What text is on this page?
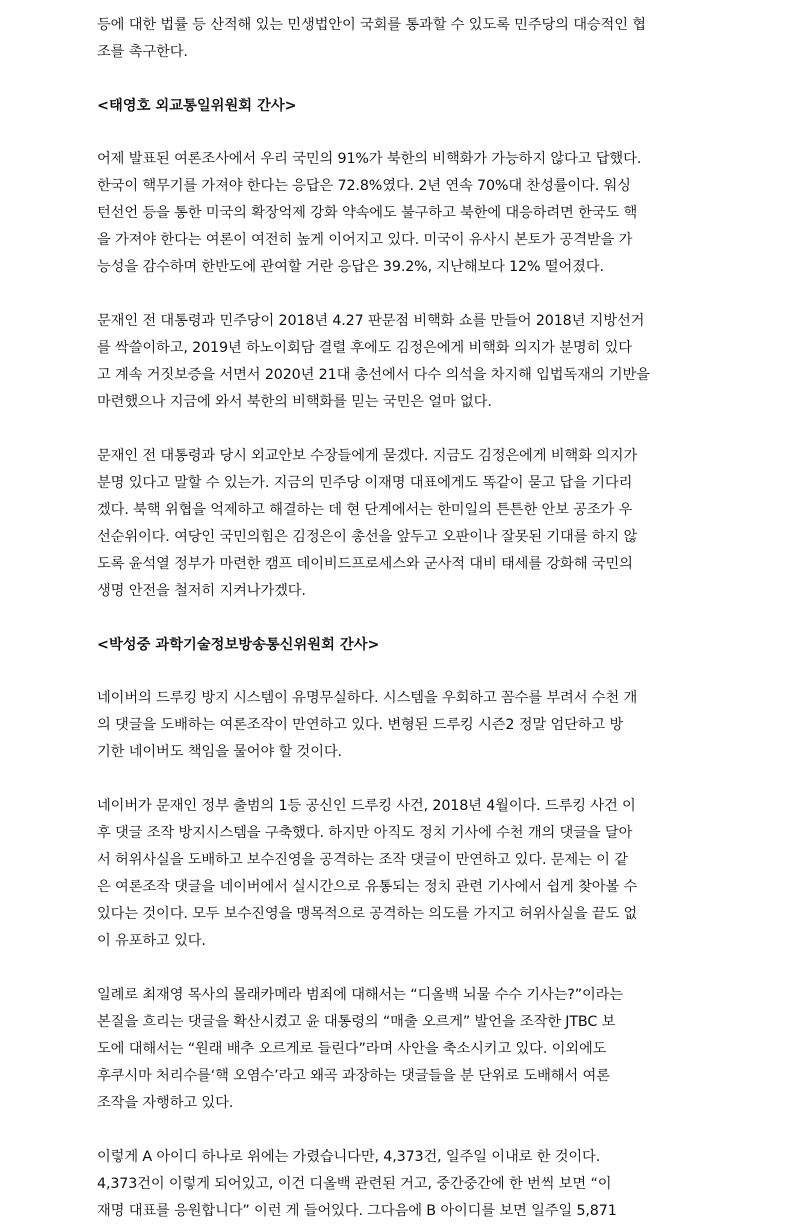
등에 대한 법률 등 산적해 있는 민생법안이 국회를 통과할 수 있도록 민주당의 대승적인 협
조를 촉구한다.
<태영호 외교통일위원회 간사>
어제 발표된 여론조사에서 우리 국민의 91%가 북한의 비핵화가 가능하지 않다고 답했다.
한국이 핵무기를 가져야 한다는 응답은 72.8%였다. 2년 연속 70%대 찬성률이다. 워싱
턴선언 등을 통한 미국의 확장억제 강화 약속에도 불구하고 북한에 대응하려면 한국도 핵
을 가져야 한다는 여론이 여전히 높게 이어지고 있다. 미국이 유사시 본토가 공격받을 가
능성을 감수하며 한반도에 관여할 거란 응답은 39.2%, 지난해보다 12% 떨어졌다.
문재인 전 대통령과 민주당이 2018년 4.27 판문점 비핵화 쇼를 만들어 2018년 지방선거
를 싹쓸이하고, 2019년 하노이회담 결렬 후에도 김정은에게 비핵화 의지가 분명히 있다
고 계속 거짓보증을 서면서 2020년 21대 총선에서 다수 의석을 차지해 입법독재의 기반을
마련했으나 지금에 와서 북한의 비핵화를 믿는 국민은 얼마 없다.
문재인 전 대통령과 당시 외교안보 수장들에게 묻겠다. 지금도 김정은에게 비핵화 의지가
분명 있다고 말할 수 있는가. 지금의 민주당 이재명 대표에게도 똑같이 묻고 답을 기다리
겠다. 북핵 위협을 억제하고 해결하는 데 현 단계에서는 한미일의 튼튼한 안보 공조가 우
선순위이다. 여당인 국민의힘은 김정은이 총선을 앞두고 오판이나 잘못된 기대를 하지 않
도록 윤석열 정부가 마련한 캠프 데이비드프로세스와 군사적 대비 태세를 강화해 국민의
생명 안전을 철저히 지켜나가겠다.
<박성중 과학기술정보방송통신위원회 간사>
네이버의 드루킹 방지 시스템이 유명무실하다. 시스템을 우회하고 꼼수를 부려서 수천 개
의 댓글을 도배하는 여론조작이 만연하고 있다. 변형된 드루킹 시즌2 정말 엄단하고 방
기한 네이버도 책임을 물어야 할 것이다.
네이버가 문재인 정부 출범의 1등 공신인 드루킹 사건, 2018년 4월이다. 드루킹 사건 이
후 댓글 조작 방지시스템을 구축했다. 하지만 아직도 정치 기사에 수천 개의 댓글을 달아
서 허위사실을 도배하고 보수진영을 공격하는 조작 댓글이 만연하고 있다. 문제는 이 같
은 여론조작 댓글을 네이버에서 실시간으로 유통되는 정치 관련 기사에서 쉽게 찾아볼 수
있다는 것이다. 모두 보수진영을 맹목적으로 공격하는 의도를 가지고 허위사실을 끝도 없
이 유포하고 있다.
일례로 최재영 목사의 몰래카메라 범죄에 대해서는 “디올백 뇌물 수수 기사는?”이라는
본질을 흐리는 댓글을 확산시켰고 윤 대통령의 “매출 오르게” 발언을 조작한 JTBC 보
도에 대해서는 “원래 배추 오르게로 들린다”라며 사안을 축소시키고 있다. 이외에도
후쿠시마 처리수를‘핵 오염수’라고 왜곡 과장하는 댓글들을 분 단위로 도배해서 여론
조작을 자행하고 있다.
이렇게 A 아이디 하나로 위에는 가렸습니다만, 4,373건, 일주일 이내로 한 것이다.
4,373건이 이렇게 되어있고, 이건 디올백 관련된 거고, 중간중간에 한 번씩 보면 “이
재명 대표를 응원합니다” 이런 게 들어있다. 그다음에 B 아이디를 보면 일주일 5,871
